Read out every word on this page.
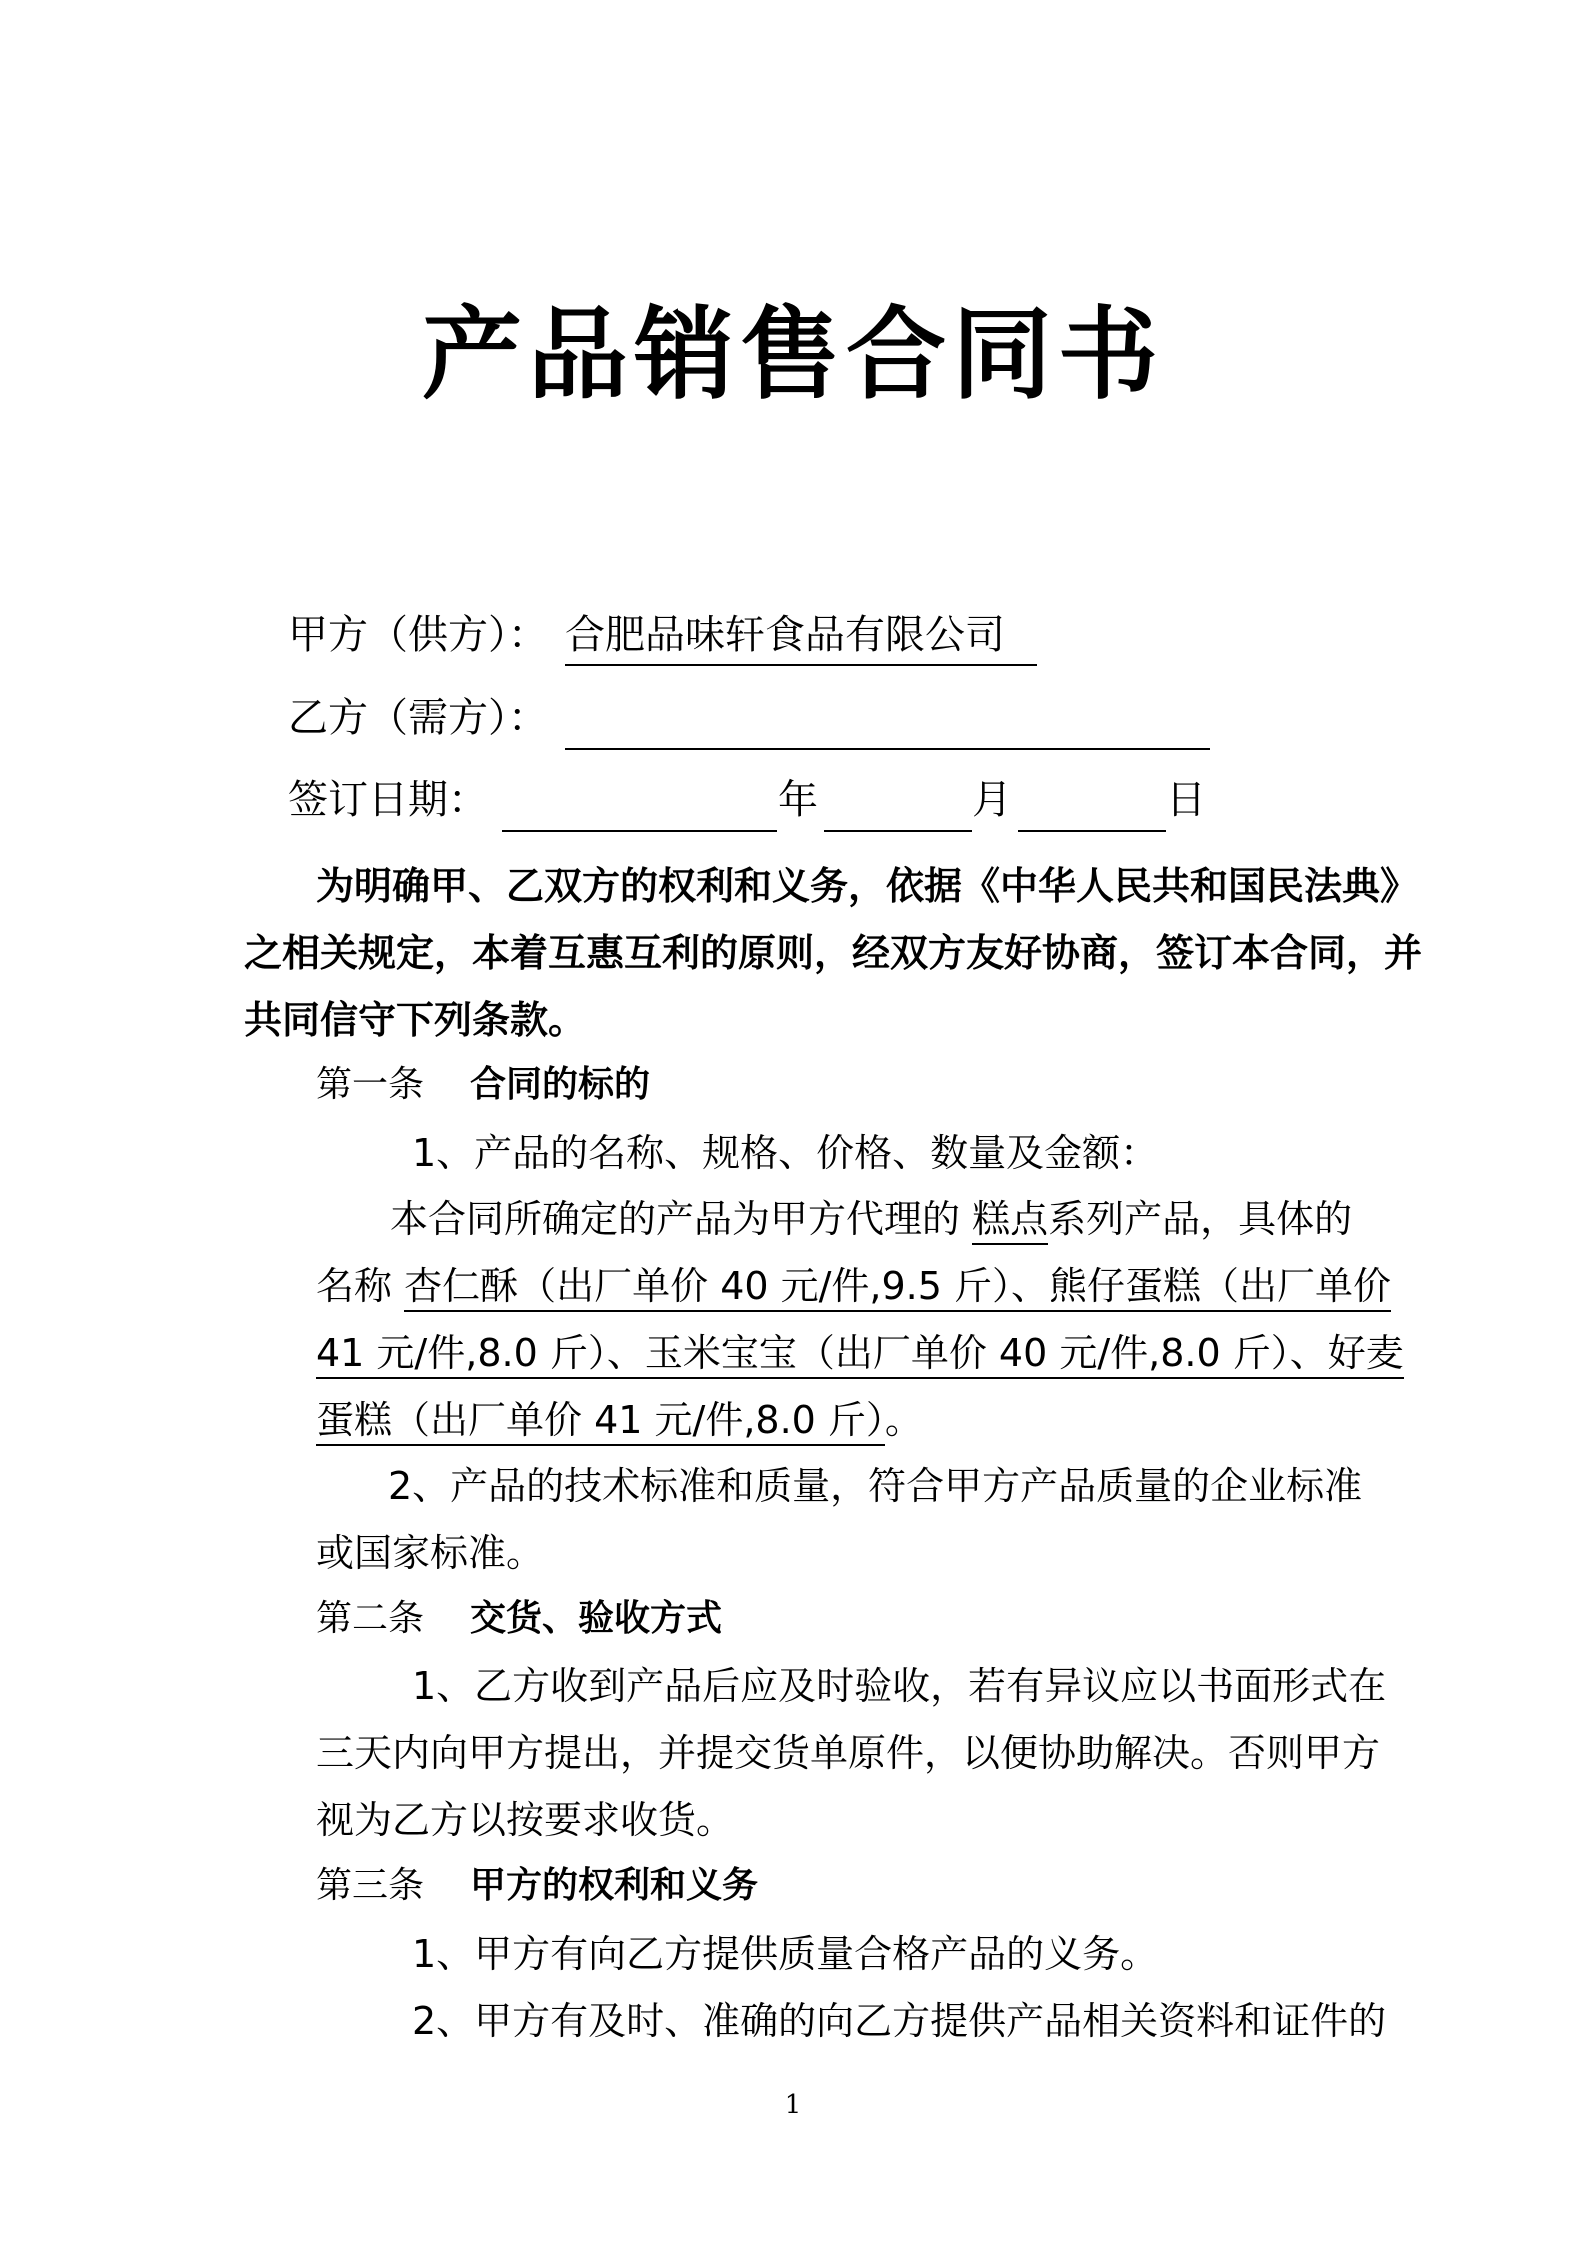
产品销售合同书
甲方（供方）： 合肥品味轩食品有限公司
乙方（需方）：
签订日期：	年	月	日
为明确甲、乙双方的权利和义务，依据《中华人民共和国民法典》
之相关规定，本着互惠互利的原则，经双方友好协商，签订本合同，并
共同信守下列条款。
第一条 合同的标的
1、产品的名称、规格、价格、数量及金额：
本合同所确定的产品为甲方代理的 糕点系列产品，具体的
名称 杏仁酥（出厂单价 40 元/件,9.5 斤）、熊仔蛋糕（出厂单价
41 元/件,8.0 斤）、玉米宝宝（出厂单价 40 元/件,8.0 斤）、好麦
蛋糕（出厂单价 41 元/件,8.0 斤）。
2、产品的技术标准和质量，符合甲方产品质量的企业标准
或国家标准。
第二条 交货、验收方式
1、乙方收到产品后应及时验收，若有异议应以书面形式在
三天内向甲方提出，并提交货单原件，以便协助解决。否则甲方
视为乙方以按要求收货。
第三条 甲方的权利和义务
1、甲方有向乙方提供质量合格产品的义务。
2、甲方有及时、准确的向乙方提供产品相关资料和证件的
1
